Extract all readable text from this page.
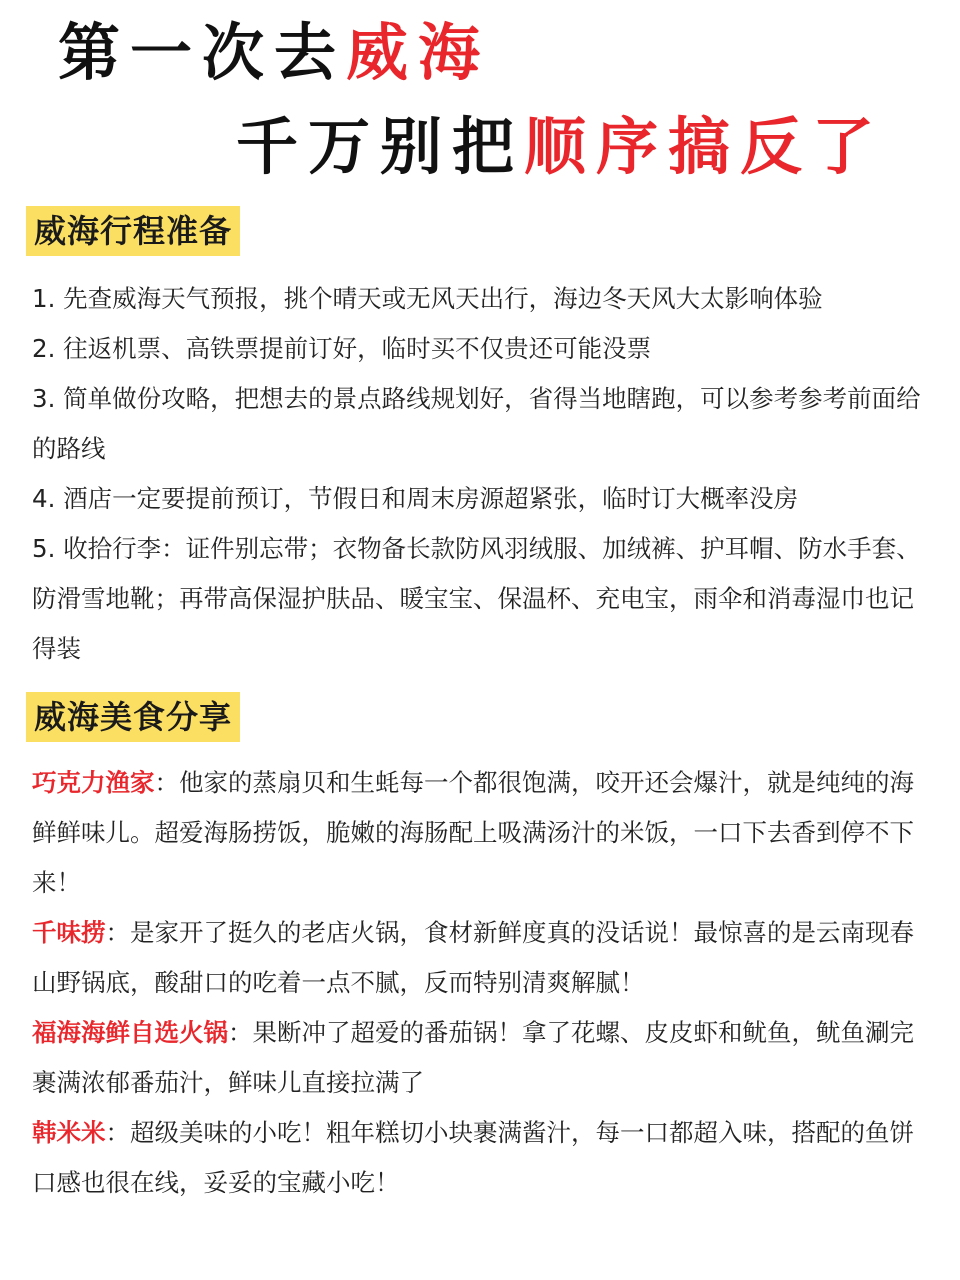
第一次去威海
千万别把顺序搞反了
威海行程准备

1. 先查威海天气预报，挑个晴天或无风天出行，海边冬天风大太影响体验

2. 往返机票、高铁票提前订好，临时买不仅贵还可能没票

3. 简单做份攻略，把想去的景点路线规划好，省得当地瞎跑，可以参考参考前面给的路线

4. 酒店一定要提前预订，节假日和周末房源超紧张，临时订大概率没房

5. 收拾行李：证件别忘带；衣物备长款防风羽绒服、加绒裤、护耳帽、防水手套、防滑雪地靴；再带高保湿护肤品、暖宝宝、保温杯、充电宝，雨伞和消毒湿巾也记得装

威海美食分享

巧克力渔家：他家的蒸扇贝和生蚝每一个都很饱满，咬开还会爆汁，就是纯纯的海鲜鲜味儿。超爱海肠捞饭，脆嫩的海肠配上吸满汤汁的米饭，一口下去香到停不下来！

千味捞：是家开了挺久的老店火锅，食材新鲜度真的没话说！最惊喜的是云南现春山野锅底，酸甜口的吃着一点不腻，反而特别清爽解腻！

福海海鲜自选火锅：果断冲了超爱的番茄锅！拿了花螺、皮皮虾和鱿鱼，鱿鱼涮完裹满浓郁番茄汁，鲜味儿直接拉满了

韩米米：超级美味的小吃！粗年糕切小块裹满酱汁，每一口都超入味，搭配的鱼饼口感也很在线，妥妥的宝藏小吃！
